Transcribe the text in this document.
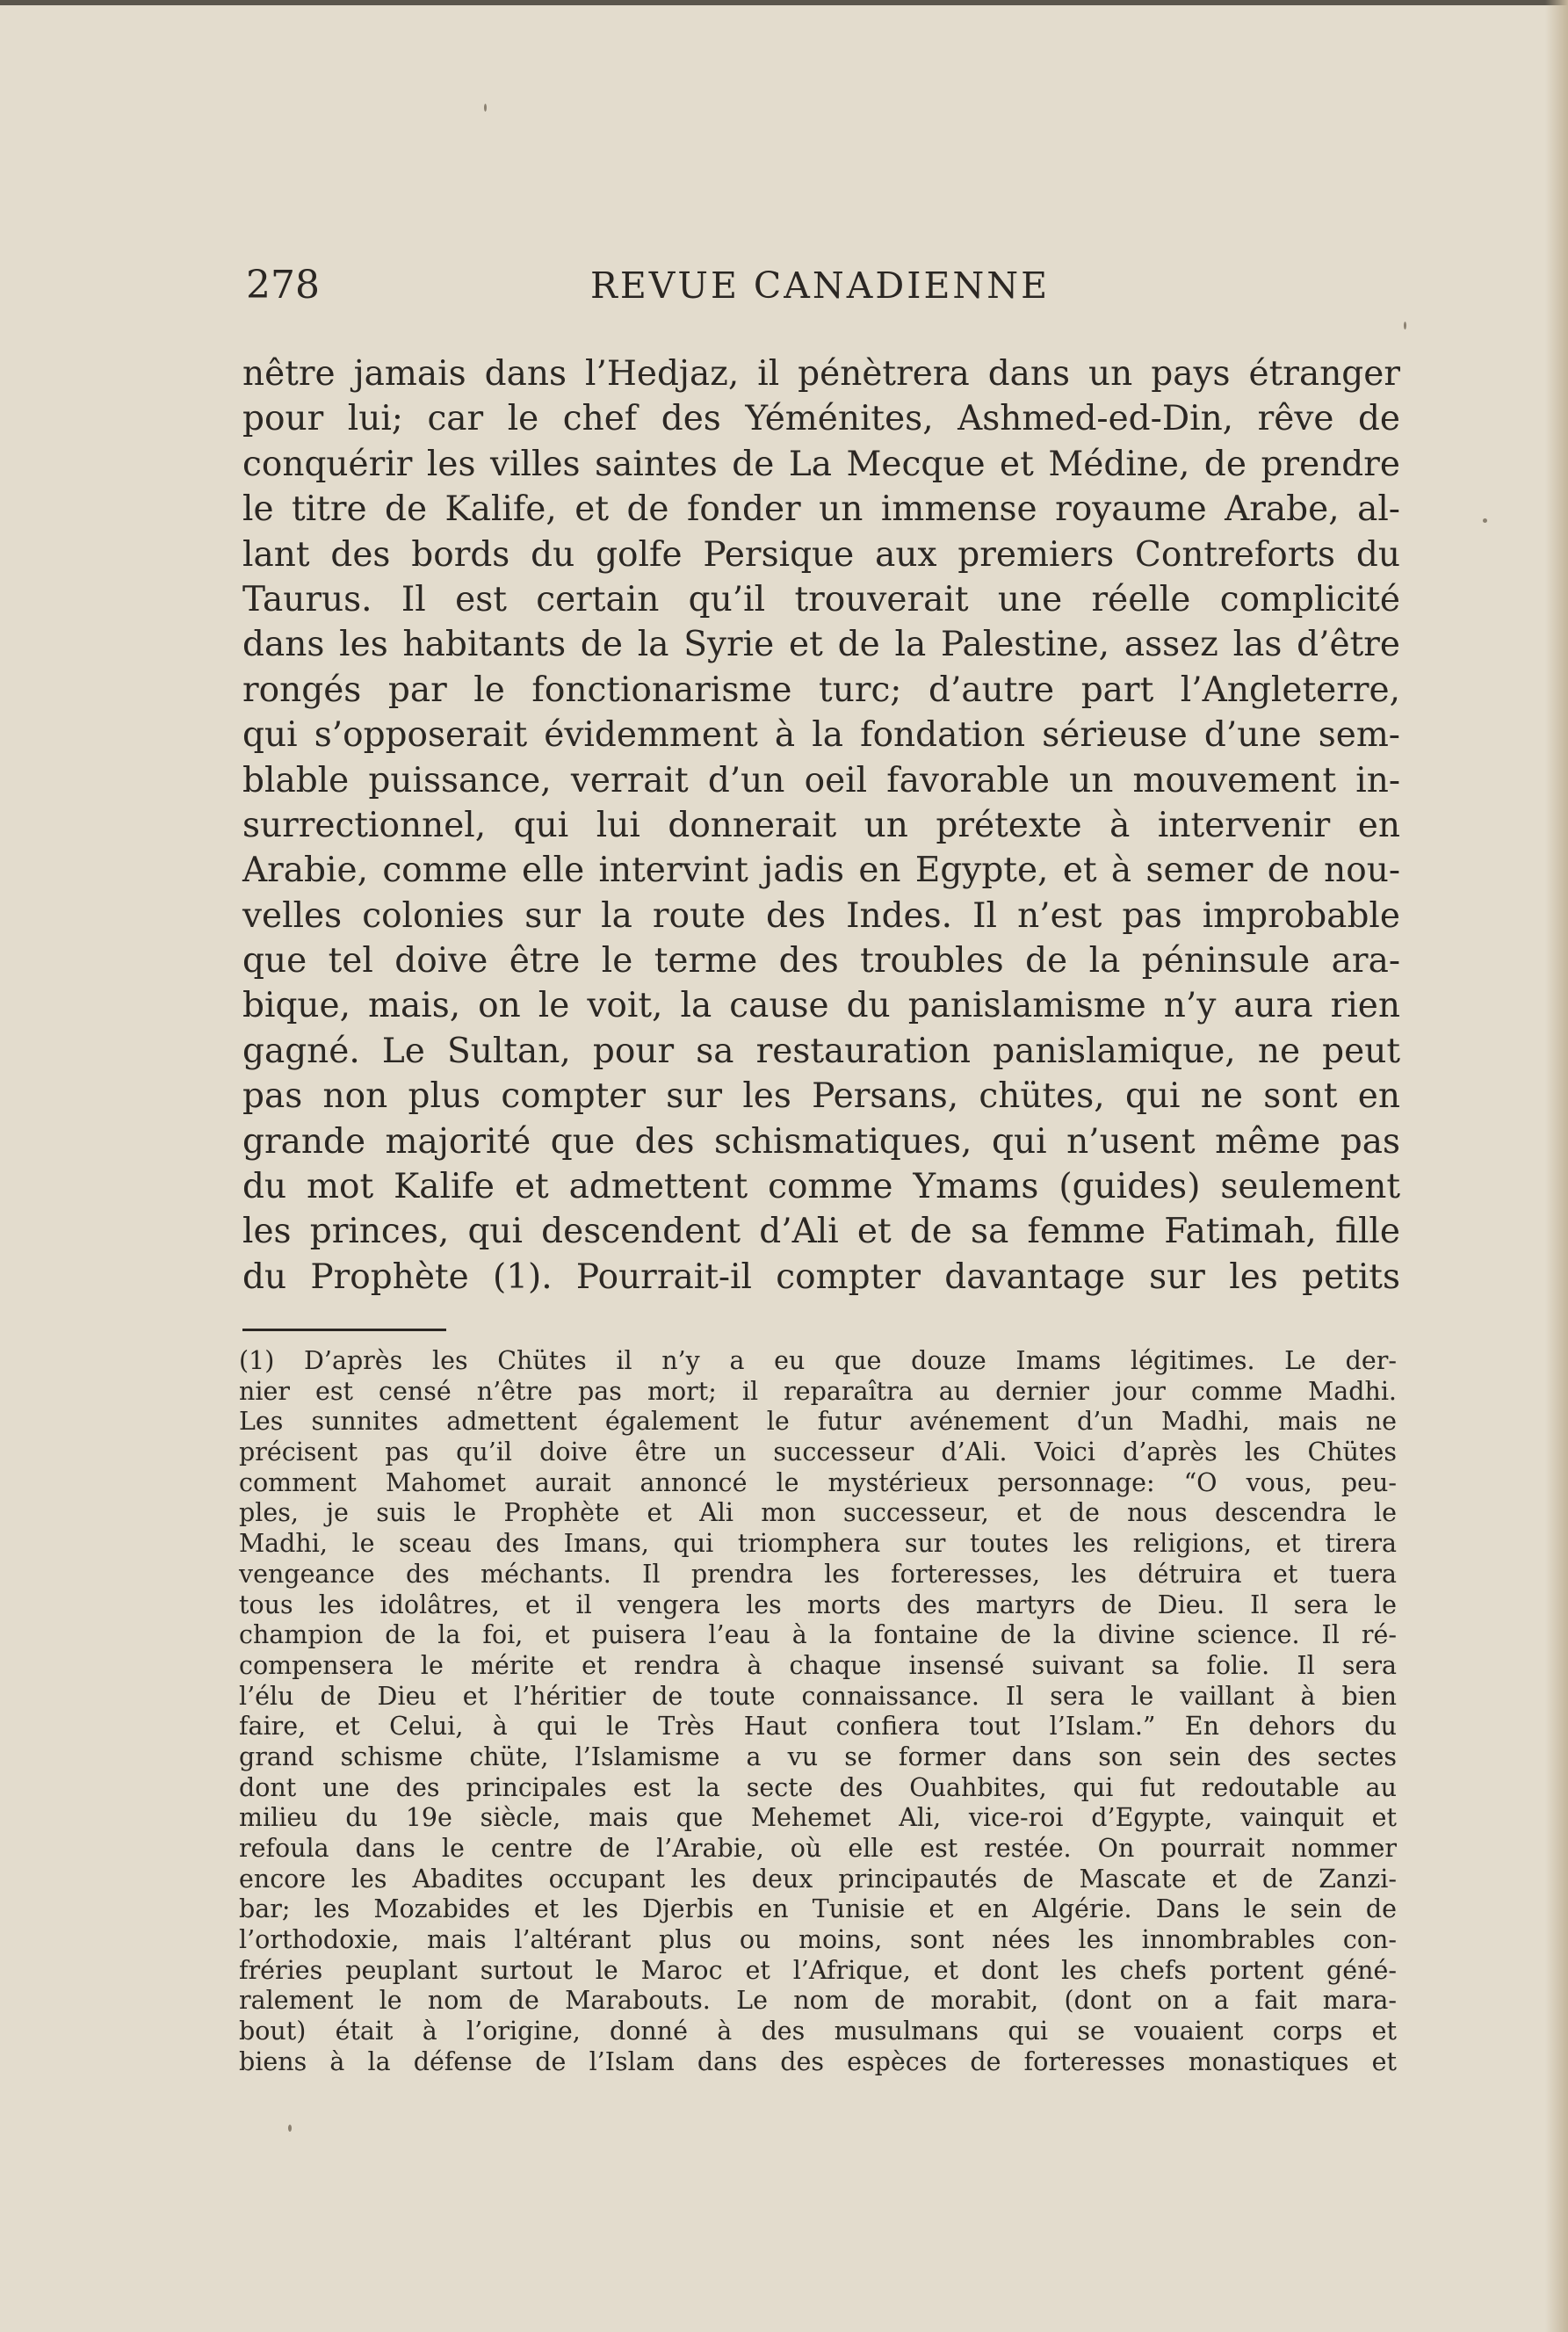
278	REVUE CANADIENNE
nêtre jamais dans l’Hedjaz, il pénètrera dans un pays étranger
pour lui; car le chef des Yéménites, Ashmed-ed-Din, rêve de
conquérir les villes saintes de La Mecque et Médine, de prendre
le titre de Kalife, et de fonder un immense royaume Arabe, al-
lant des bords du golfe Persique aux premiers Contreforts du
Taurus. Il est certain qu’il trouverait une réelle complicité
dans les habitants de la Syrie et de la Palestine, assez las d’être
rongés par le fonctionarisme turc; d’autre part l’Angleterre,
qui s’opposerait évidemment à la fondation sérieuse d’une sem-
blable puissance, verrait d’un oeil favorable un mouvement in-
surrectionnel, qui lui donnerait un prétexte à intervenir en
Arabie, comme elle intervint jadis en Egypte, et à semer de nou-
velles colonies sur la route des Indes. Il n’est pas improbable
que tel doive être le terme des troubles de la péninsule ara-
bique, mais, on le voit, la cause du panislamisme n’y aura rien
gagné. Le Sultan, pour sa restauration panislamique, ne peut
pas non plus compter sur les Persans, chütes, qui ne sont en
grande majorité que des schismatiques, qui n’usent même pas
du mot Kalife et admettent comme Ymams (guides) seulement
les princes, qui descendent d’Ali et de sa femme Fatimah, fille
du Prophète (1). Pourrait-il compter davantage sur les petits
(1) D’après les Chütes il n’y a eu que douze Imams légitimes. Le der-
nier est censé n’être pas mort; il reparaîtra au dernier jour comme Madhi.
Les sunnites admettent également le futur avénement d’un Madhi, mais ne
précisent pas qu’il doive être un successeur d’Ali. Voici d’après les Chütes
comment Mahomet aurait annoncé le mystérieux personnage: “O vous, peu-
ples, je suis le Prophète et Ali mon successeur, et de nous descendra le
Madhi, le sceau des Imans, qui triomphera sur toutes les religions, et tirera
vengeance des méchants. Il prendra les forteresses, les détruira et tuera
tous les idolâtres, et il vengera les morts des martyrs de Dieu. Il sera le
champion de la foi, et puisera l’eau à la fontaine de la divine science. Il ré-
compensera le mérite et rendra à chaque insensé suivant sa folie. Il sera
l’élu de Dieu et l’héritier de toute connaissance. Il sera le vaillant à bien
faire, et Celui, à qui le Très Haut confiera tout l’Islam.” En dehors du
grand schisme chüte, l’Islamisme a vu se former dans son sein des sectes
dont une des principales est la secte des Ouahbites, qui fut redoutable au
milieu du 19e siècle, mais que Mehemet Ali, vice-roi d’Egypte, vainquit et
refoula dans le centre de l’Arabie, où elle est restée. On pourrait nommer
encore les Abadites occupant les deux principautés de Mascate et de Zanzi-
bar; les Mozabides et les Djerbis en Tunisie et en Algérie. Dans le sein de
l’orthodoxie, mais l’altérant plus ou moins, sont nées les innombrables con-
fréries peuplant surtout le Maroc et l’Afrique, et dont les chefs portent géné-
ralement le nom de Marabouts. Le nom de morabit, (dont on a fait mara-
bout) était à l’origine, donné à des musulmans qui se vouaient corps et
biens à la défense de l’Islam dans des espèces de forteresses monastiques et
